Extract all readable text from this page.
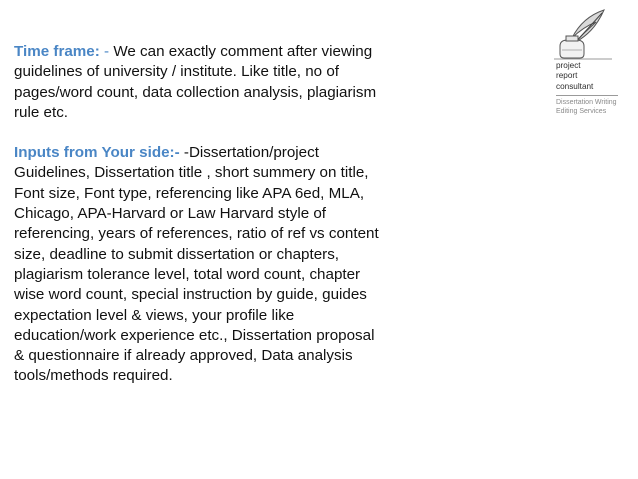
Time frame: - We can exactly comment after viewing
guidelines of university / institute. Like title, no of
pages/word count, data collection analysis, plagiarism
rule etc.

Inputs from Your side:- -Dissertation/project
Guidelines, Dissertation title , short summery on title,
Font size, Font type, referencing like APA 6ed, MLA,
Chicago, APA-Harvard or Law Harvard style of
referencing, years of references, ratio of ref vs content
size, deadline to submit dissertation or chapters,
plagiarism tolerance level, total word count, chapter
wise word count, special instruction by guide, guides
expectation level & views, your profile like
education/work experience etc., Dissertation proposal
& questionnaire if already approved, Data analysis
tools/methods required.

project
report
consultant
Dissertation Writing
Editing Services
